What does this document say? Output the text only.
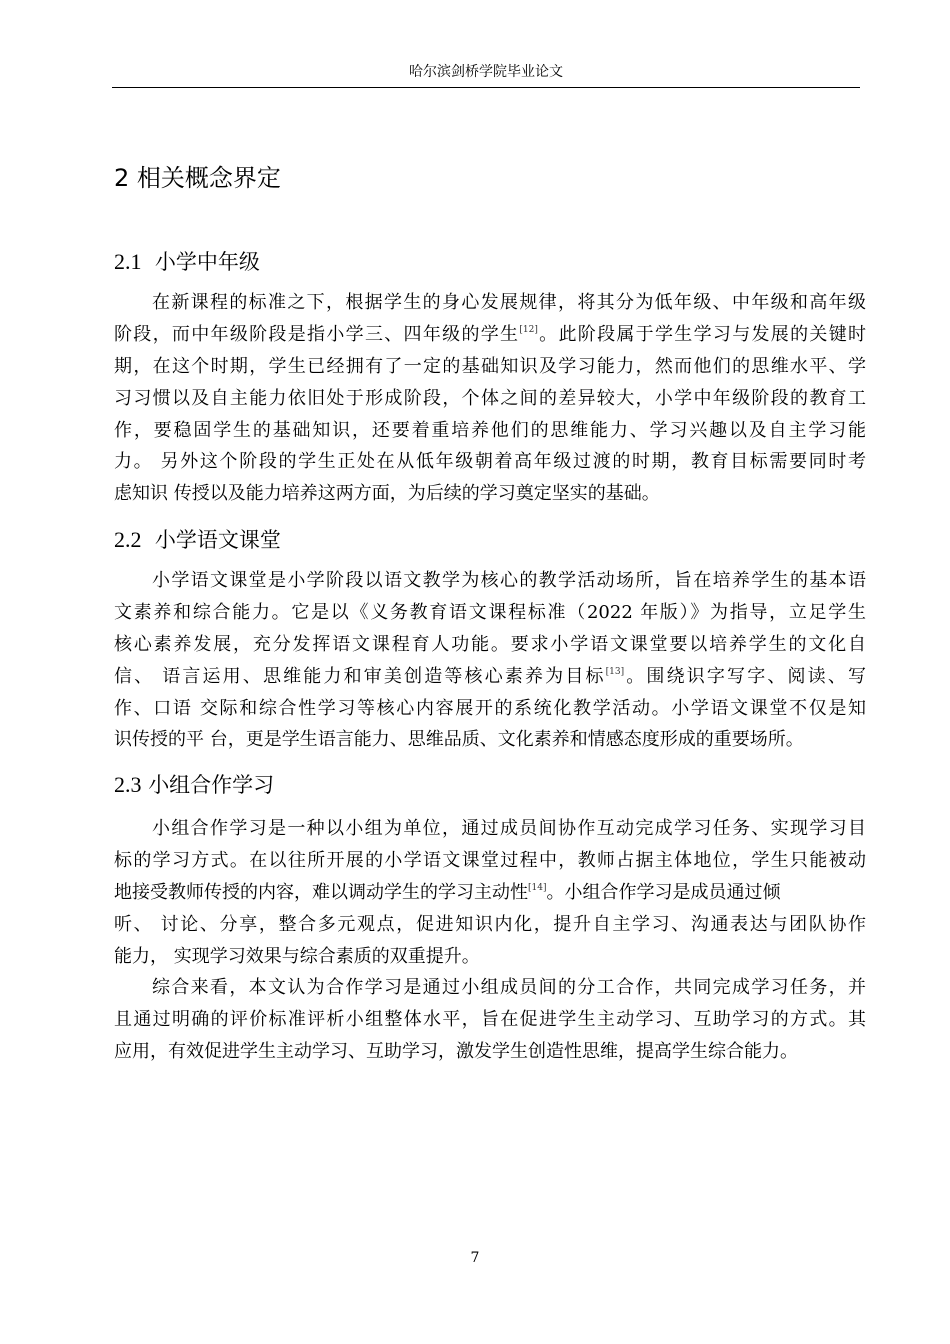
哈尔滨剑桥学院毕业论文
2 相关概念界定
2.1 小学中年级
在新课程的标准之下，根据学生的身心发展规律，将其分为低年级、中年级和高年级
阶段，而中年级阶段是指小学三、四年级的学生[12]。此阶段属于学生学习与发展的关键时
期，在这个时期，学生已经拥有了一定的基础知识及学习能力，然而他们的思维水平、学
习习惯以及自主能力依旧处于形成阶段，个体之间的差异较大，小学中年级阶段的教育工
作，要稳固学生的基础知识，还要着重培养他们的思维能力、学习兴趣以及自主学习能
力。 另外这个阶段的学生正处在从低年级朝着高年级过渡的时期，教育目标需要同时考
虑知识 传授以及能力培养这两方面，为后续的学习奠定坚实的基础。
2.2 小学语文课堂
小学语文课堂是小学阶段以语文教学为核心的教学活动场所，旨在培养学生的基本语
文素养和综合能力。它是以《义务教育语文课程标准（2022 年版）》为指导，立足学生
核心素养发展，充分发挥语文课程育人功能。要求小学语文课堂要以培养学生的文化自
信、 语言运用、思维能力和审美创造等核心素养为目标[13]。围绕识字写字、阅读、写
作、口语 交际和综合性学习等核心内容展开的系统化教学活动。小学语文课堂不仅是知
识传授的平 台，更是学生语言能力、思维品质、文化素养和情感态度形成的重要场所。
2.3 小组合作学习
小组合作学习是一种以小组为单位，通过成员间协作互动完成学习任务、实现学习目
标的学习方式。在以往所开展的小学语文课堂过程中，教师占据主体地位，学生只能被动
地接受教师传授的内容，难以调动学生的学习主动性[14]。小组合作学习是成员通过倾
听、 讨论、分享，整合多元观点，促进知识内化，提升自主学习、沟通表达与团队协作
能力， 实现学习效果与综合素质的双重提升。
综合来看，本文认为合作学习是通过小组成员间的分工合作，共同完成学习任务，并
且通过明确的评价标准评析小组整体水平，旨在促进学生主动学习、互助学习的方式。其
应用，有效促进学生主动学习、互助学习，激发学生创造性思维，提高学生综合能力。
7
